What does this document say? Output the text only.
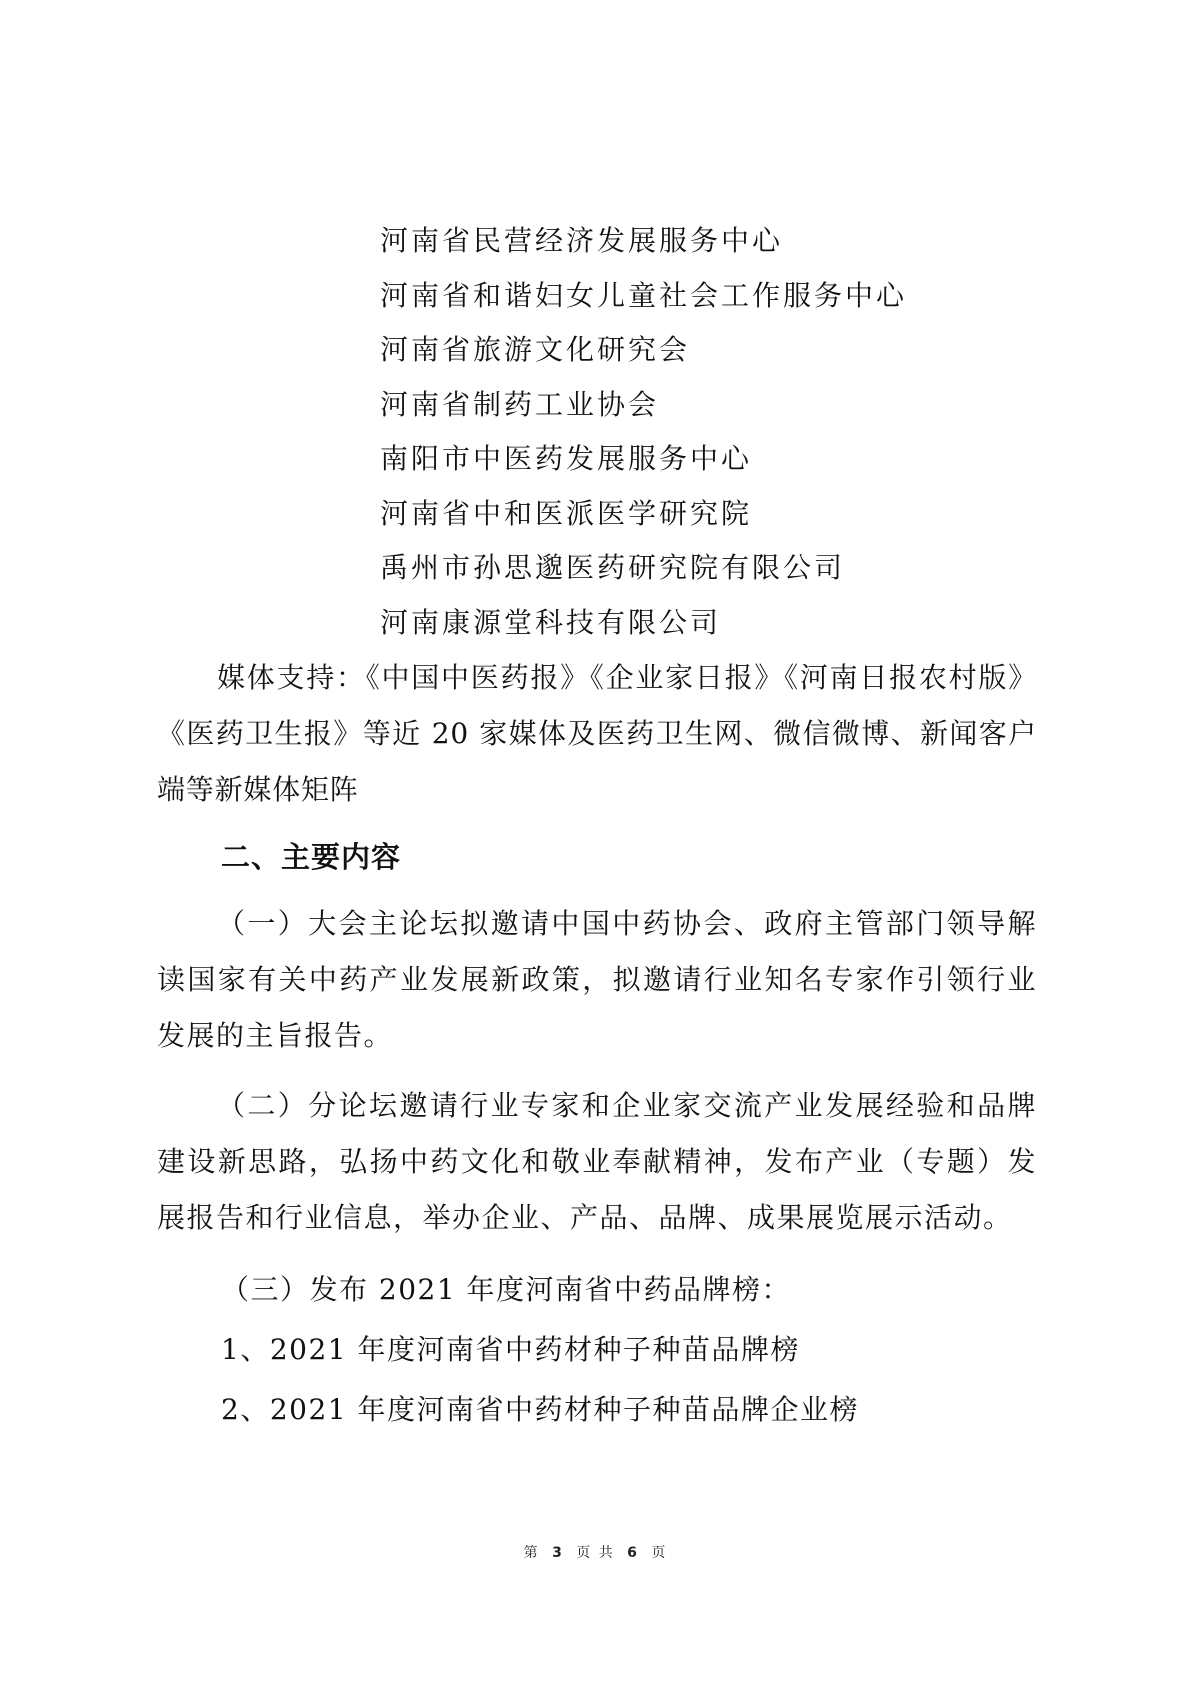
河南省民营经济发展服务中心
河南省和谐妇女儿童社会工作服务中心
河南省旅游文化研究会
河南省制药工业协会
南阳市中医药发展服务中心
河南省中和医派医学研究院
禹州市孙思邈医药研究院有限公司
河南康源堂科技有限公司

媒体支持：《中国中医药报》《企业家日报》《河南日报农村版》《医药卫生报》等近 20 家媒体及医药卫生网、微信微博、新闻客户端等新媒体矩阵

二、主要内容

（一）大会主论坛拟邀请中国中药协会、政府主管部门领导解读国家有关中药产业发展新政策，拟邀请行业知名专家作引领行业发展的主旨报告。

（二）分论坛邀请行业专家和企业家交流产业发展经验和品牌建设新思路，弘扬中药文化和敬业奉献精神，发布产业（专题）发展报告和行业信息，举办企业、产品、品牌、成果展览展示活动。

（三）发布 2021 年度河南省中药品牌榜：

1、2021 年度河南省中药材种子种苗品牌榜

2、2021 年度河南省中药材种子种苗品牌企业榜

第 3 页 共 6 页
